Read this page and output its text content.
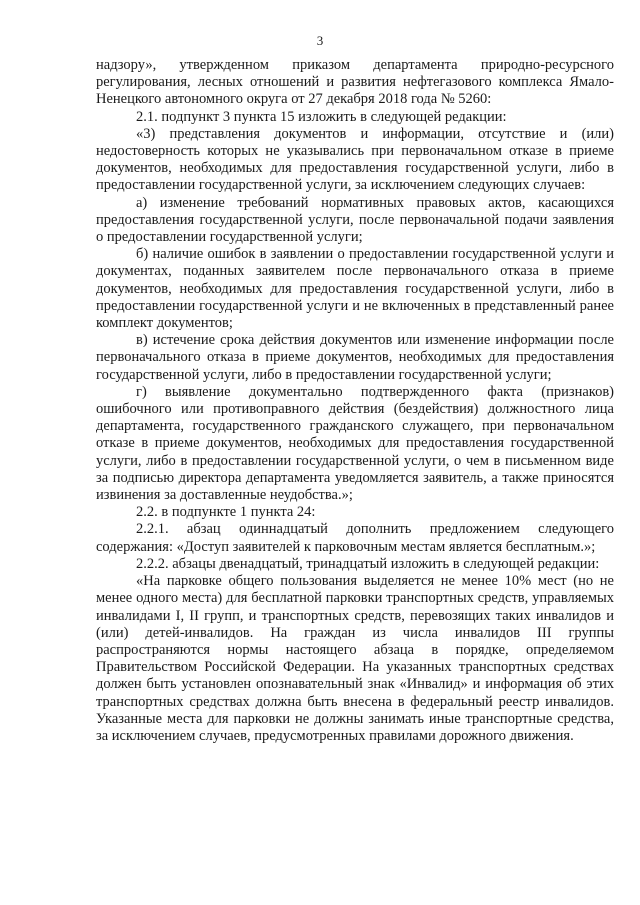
3

надзору», утвержденном приказом департамента природно-ресурсного регулирования, лесных отношений и развития нефтегазового комплекса Ямало-Ненецкого автономного округа от 27 декабря 2018 года № 5260:

2.1. подпункт 3 пункта 15 изложить в следующей редакции:

«3) представления документов и информации, отсутствие и (или) недостоверность которых не указывались при первоначальном отказе в приеме документов, необходимых для предоставления государственной услуги, либо в предоставлении государственной услуги, за исключением следующих случаев:

а) изменение требований нормативных правовых актов, касающихся предоставления государственной услуги, после первоначальной подачи заявления о предоставлении государственной услуги;

б) наличие ошибок в заявлении о предоставлении государственной услуги и документах, поданных заявителем после первоначального отказа в приеме документов, необходимых для предоставления государственной услуги, либо в предоставлении государственной услуги и не включенных в представленный ранее комплект документов;

в) истечение срока действия документов или изменение информации после первоначального отказа в приеме документов, необходимых для предоставления государственной услуги, либо в предоставлении государственной услуги;

г) выявление документально подтвержденного факта (признаков) ошибочного или противоправного действия (бездействия) должностного лица департамента, государственного гражданского служащего, при первоначальном отказе в приеме документов, необходимых для предоставления государственной услуги, либо в предоставлении государственной услуги, о чем в письменном виде за подписью директора департамента уведомляется заявитель, а также приносятся извинения за доставленные неудобства.»;

2.2. в подпункте 1 пункта 24:

2.2.1. абзац одиннадцатый дополнить предложением следующего содержания: «Доступ заявителей к парковочным местам является бесплатным.»;

2.2.2. абзацы двенадцатый, тринадцатый изложить в следующей редакции:

«На парковке общего пользования выделяется не менее 10% мест (но не менее одного места) для бесплатной парковки транспортных средств, управляемых инвалидами I, II групп, и транспортных средств, перевозящих таких инвалидов и (или) детей-инвалидов. На граждан из числа инвалидов III группы распространяются нормы настоящего абзаца в порядке, определяемом Правительством Российской Федерации. На указанных транспортных средствах должен быть установлен опознавательный знак «Инвалид» и информация об этих транспортных средствах должна быть внесена в федеральный реестр инвалидов. Указанные места для парковки не должны занимать иные транспортные средства, за исключением случаев, предусмотренных правилами дорожного движения.
